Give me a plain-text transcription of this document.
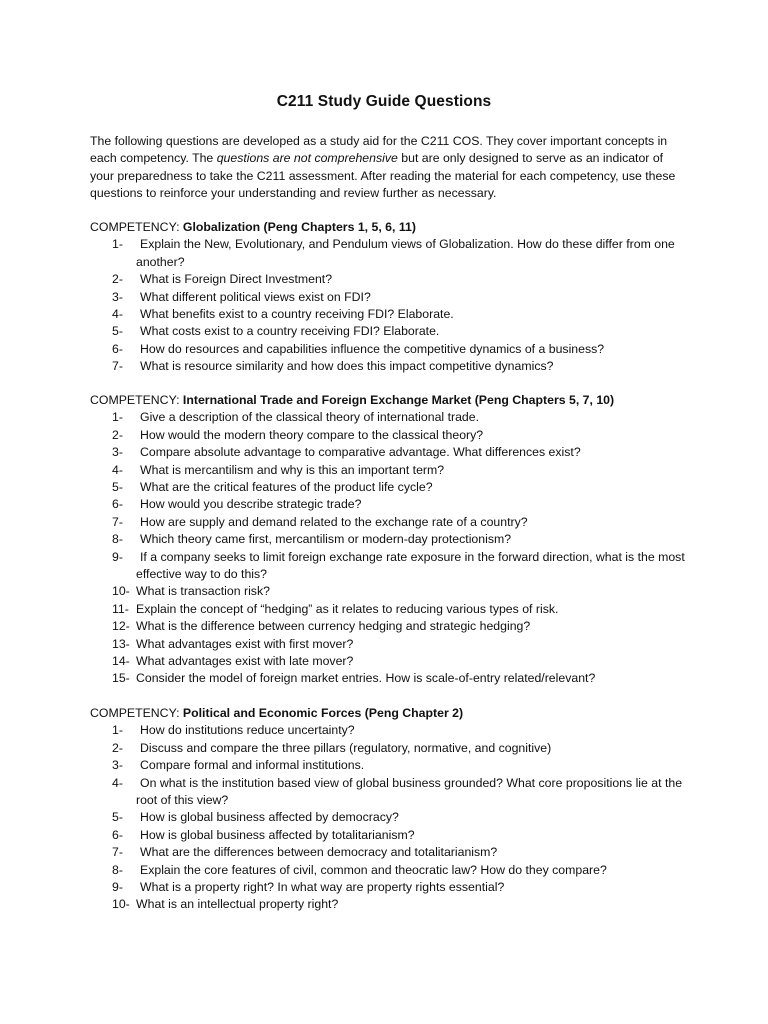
C211 Study Guide Questions

The following questions are developed as a study aid for the C211 COS. They cover important concepts in each competency. The questions are not comprehensive but are only designed to serve as an indicator of your preparedness to take the C211 assessment. After reading the material for each competency, use these questions to reinforce your understanding and review further as necessary.

COMPETENCY: Globalization (Peng Chapters 1, 5, 6, 11)
1-	Explain the New, Evolutionary, and Pendulum views of Globalization. How do these differ from one another?
2-	What is Foreign Direct Investment?
3-	What different political views exist on FDI?
4-	What benefits exist to a country receiving FDI? Elaborate.
5-	What costs exist to a country receiving FDI? Elaborate.
6-	How do resources and capabilities influence the competitive dynamics of a business?
7-	What is resource similarity and how does this impact competitive dynamics?
COMPETENCY: International Trade and Foreign Exchange Market (Peng Chapters 5, 7, 10)
1-	Give a description of the classical theory of international trade.
2-	How would the modern theory compare to the classical theory?
3-	Compare absolute advantage to comparative advantage. What differences exist?
4-	What is mercantilism and why is this an important term?
5-	What are the critical features of the product life cycle?
6-	How would you describe strategic trade?
7-	How are supply and demand related to the exchange rate of a country?
8-	Which theory came first, mercantilism or modern-day protectionism?
9-	If a company seeks to limit foreign exchange rate exposure in the forward direction, what is the most effective way to do this?
10- What is transaction risk?
11- Explain the concept of “hedging” as it relates to reducing various types of risk.
12- What is the difference between currency hedging and strategic hedging?
13- What advantages exist with first mover?
14- What advantages exist with late mover?
15- Consider the model of foreign market entries. How is scale-of-entry related/relevant?
COMPETENCY: Political and Economic Forces (Peng Chapter 2)
1-	How do institutions reduce uncertainty?
2-	Discuss and compare the three pillars (regulatory, normative, and cognitive)
3-	Compare formal and informal institutions.
4-	On what is the institution based view of global business grounded? What core propositions lie at the root of this view?
5-	How is global business affected by democracy?
6-	How is global business affected by totalitarianism?
7-	What are the differences between democracy and totalitarianism?
8-	Explain the core features of civil, common and theocratic law? How do they compare?
9-	What is a property right? In what way are property rights essential?
10- What is an intellectual property right?
